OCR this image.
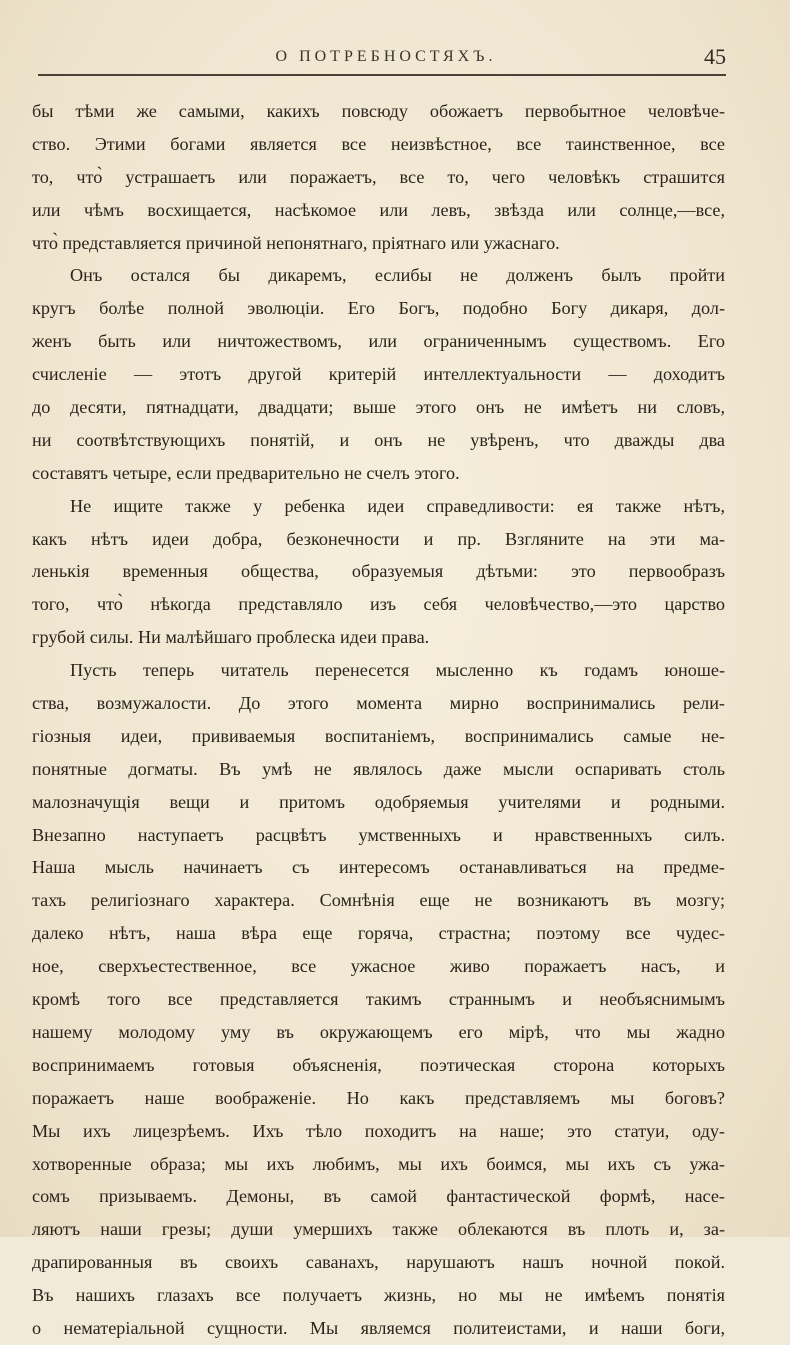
О ПОТРЕБНОСТЯХЪ.	45
бы тѣми же самыми, какихъ повсюду обожаетъ первобытное человѣче-
ство. Этими богами является все неизвѣстное, все таинственное, все
то, что̀ устрашаетъ или поражаетъ, все то, чего человѣкъ страшится
или чѣмъ восхищается, насѣкомое или левъ, звѣзда или солнце,—все,
что̀ представляется причиной непонятнаго, пріятнаго или ужаснаго.
Онъ остался бы дикаремъ, еслибы не долженъ былъ пройти
кругъ болѣе полной эволюціи. Его Богъ, подобно Богу дикаря, дол-
женъ быть или ничтожествомъ, или ограниченнымъ существомъ. Его
счисленіе — этотъ другой критерій интеллектуальности — доходитъ
до десяти, пятнадцати, двадцати; выше этого онъ не имѣетъ ни словъ,
ни соотвѣтствующихъ понятій, и онъ не увѣренъ, что дважды два
составятъ четыре, если предварительно не счелъ этого.
Не ищите также у ребенка идеи справедливости: ея также нѣтъ,
какъ нѣтъ идеи добра, безконечности и пр. Взгляните на эти ма-
ленькія временныя общества, образуемыя дѣтьми: это первообразъ
того, что̀ нѣкогда представляло изъ себя человѣчество,—это царство
грубой силы. Ни малѣйшаго проблеска идеи права.
Пусть теперь читатель перенесется мысленно къ годамъ юноше-
ства, возмужалости. До этого момента мирно воспринимались рели-
гіозныя идеи, прививаемыя воспитаніемъ, воспринимались самые не-
понятные догматы. Въ умѣ не являлось даже мысли оспаривать столь
малозначущія вещи и притомъ одобряемыя учителями и родными.
Внезапно наступаетъ расцвѣтъ умственныхъ и нравственныхъ силъ.
Наша мысль начинаетъ съ интересомъ останавливаться на предме-
тахъ религіознаго характера. Сомнѣнія еще не возникаютъ въ мозгу;
далеко нѣтъ, наша вѣра еще горяча, страстна; поэтому все чудес-
ное, сверхъестественное, все ужасное живо поражаетъ насъ, и
кромѣ того все представляется такимъ страннымъ и необъяснимымъ
нашему молодому уму въ окружающемъ его мірѣ, что мы жадно
воспринимаемъ готовыя объясненія, поэтическая сторона которыхъ
поражаетъ наше воображеніе. Но какъ представляемъ мы боговъ?
Мы ихъ лицезрѣемъ. Ихъ тѣло походитъ на наше; это статуи, оду-
хотворенные образа; мы ихъ любимъ, мы ихъ боимся, мы ихъ съ ужа-
сомъ призываемъ. Демоны, въ самой фантастической формѣ, насе-
ляютъ наши грезы; души умершихъ также облекаются въ плоть и, за-
драпированныя въ своихъ саванахъ, нарушаютъ нашъ ночной покой.
Въ нашихъ глазахъ все получаетъ жизнь, но мы не имѣемъ понятія
о нематеріальной сущности. Мы являемся политеистами, и наши боги,
